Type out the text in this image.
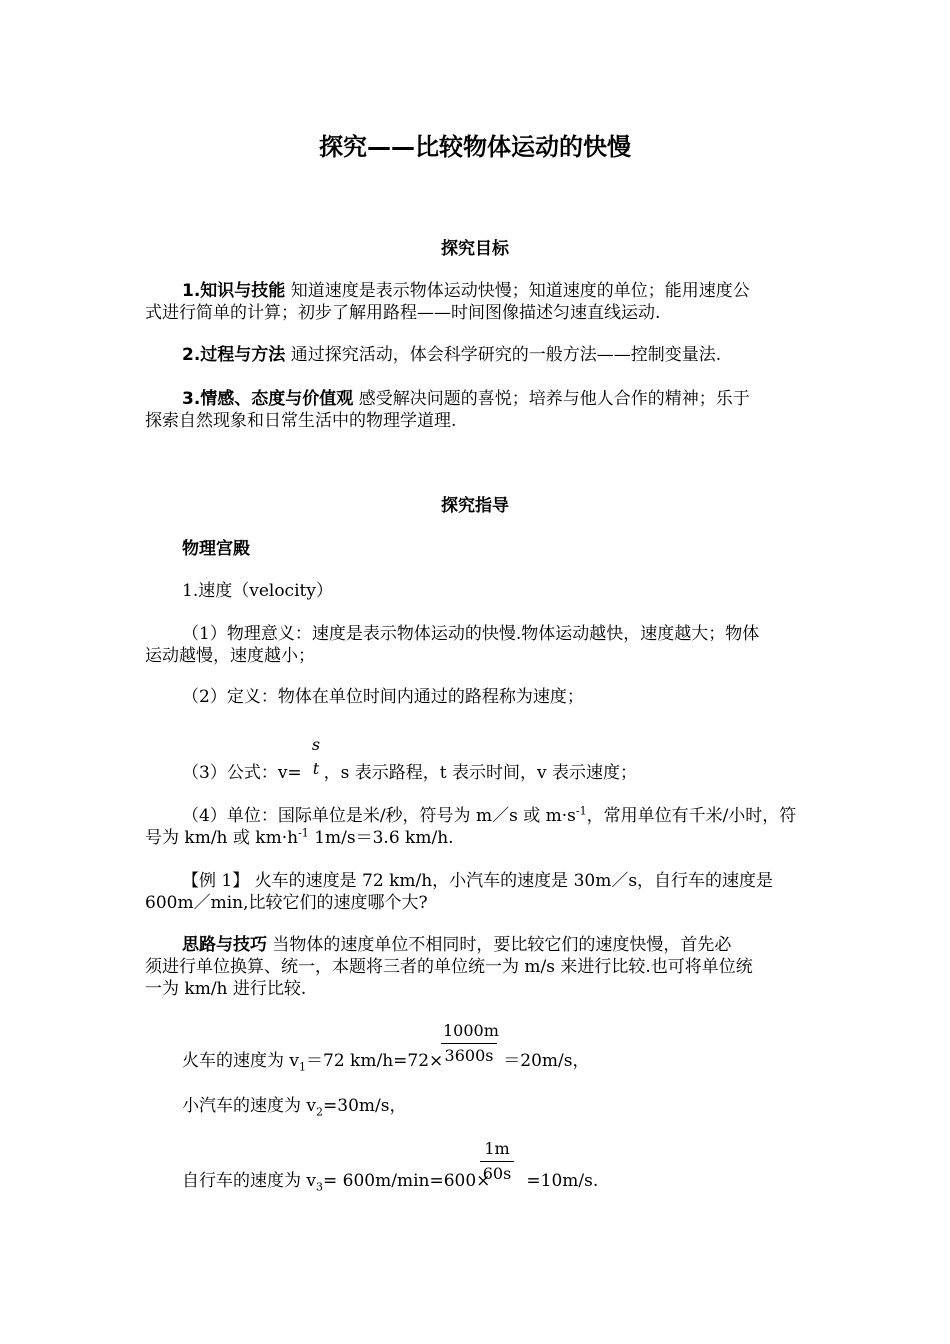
探究——比较物体运动的快慢
探究目标
1.知识与技能 知道速度是表示物体运动快慢；知道速度的单位；能用速度公
式进行简单的计算；初步了解用路程——时间图像描述匀速直线运动.
2.过程与方法 通过探究活动，体会科学研究的一般方法——控制变量法.
3.情感、态度与价值观 感受解决问题的喜悦；培养与他人合作的精神；乐于
探索自然现象和日常生活中的物理学道理.
探究指导
物理宫殿
1.速度（velocity）
（1）物理意义：速度是表示物体运动的快慢.物体运动越快，速度越大；物体
运动越慢，速度越小；
（2）定义：物体在单位时间内通过的路程称为速度；
（3）公式：v= ，s 表示路程，t 表示时间，v 表示速度；
s
t
（4）单位：国际单位是米/秒，符号为 m／s 或 $m\cdot s^{-1}$，常用单位有千米/小时，符
号为 km/h 或 $km\cdot h^{-1}$ 1m/s＝3.6 km/h.
【例 1】 火车的速度是 72 km/h，小汽车的速度是 30m／s，自行车的速度是
600m／min,比较它们的速度哪个大?
思路与技巧 当物体的速度单位不相同时，要比较它们的速度快慢，首先必
须进行单位换算、统一，本题将三者的单位统一为 m/s 来进行比较.也可将单位统
一为 km/h 进行比较.
火车的速度为 $v_1=72$ km/h=72×	＝20m/s，
$\frac{1000m}{3600s}$
小汽车的速度为 $v_2=30m/s$，
自行车的速度为 $v_3= 600m/\min=600\times =10m/s$.
$\frac{1m}{60s}$
